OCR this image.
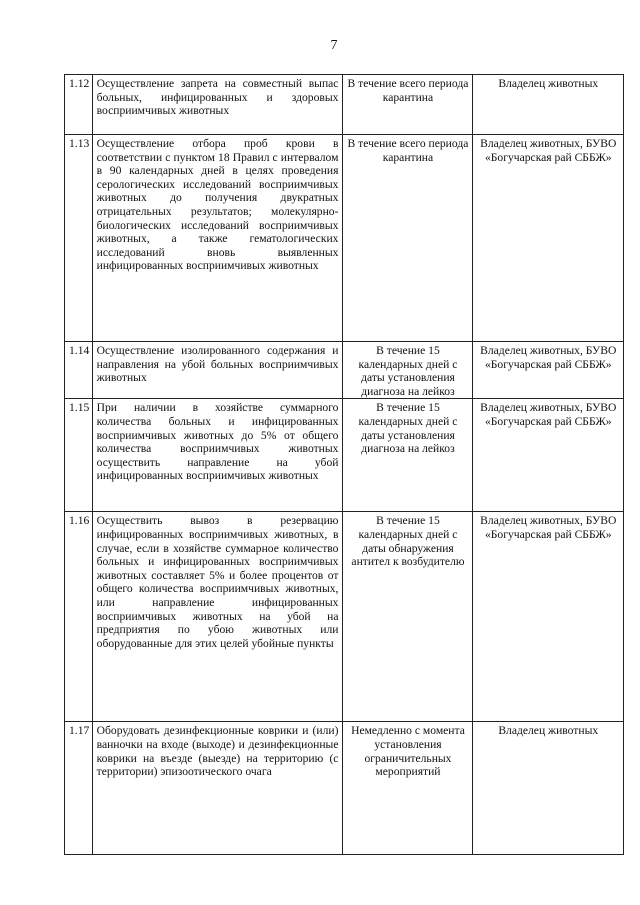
7
1.12	Осуществление запрета на совместный выпас больных, инфицированных и здоровых восприимчивых животных	В течение всего периода карантина	Владелец животных
1.13	Осуществление отбора проб крови в соответствии с пунктом 18 Правил с интервалом в 90 календарных дней в целях проведения серологических исследований восприимчивых животных до получения двукратных отрицательных результатов; молекулярно-биологических исследований восприимчивых животных, а также гематологических исследований вновь выявленных инфицированных восприимчивых животных	В течение всего периода карантина	Владелец животных, БУВО «Богучарская рай СББЖ»
1.14	Осуществление изолированного содержания и направления на убой больных восприимчивых животных	В течение 15 календарных дней с даты установления диагноза на лейкоз	Владелец животных, БУВО «Богучарская рай СББЖ»
1.15	При наличии в хозяйстве суммарного количества больных и инфицированных восприимчивых животных до 5% от общего количества восприимчивых животных осуществить направление на убой инфицированных восприимчивых животных	В течение 15 календарных дней с даты установления диагноза на лейкоз	Владелец животных, БУВО «Богучарская рай СББЖ»
1.16	Осуществить вывоз в резервацию инфицированных восприимчивых животных, в случае, если в хозяйстве суммарное количество больных и инфицированных восприимчивых животных составляет 5% и более процентов от общего количества восприимчивых животных, или направление инфицированных восприимчивых животных на убой на предприятия по убою животных или оборудованные для этих целей убойные пункты	В течение 15 календарных дней с даты обнаружения антител к возбудителю	Владелец животных, БУВО «Богучарская рай СББЖ»
1.17	Оборудовать дезинфекционные коврики и (или) ванночки на входе (выходе) и дезинфекционные коврики на въезде (выезде) на территорию (с территории) эпизоотического очага	Немедленно с момента установления ограничительных мероприятий	Владелец животных
